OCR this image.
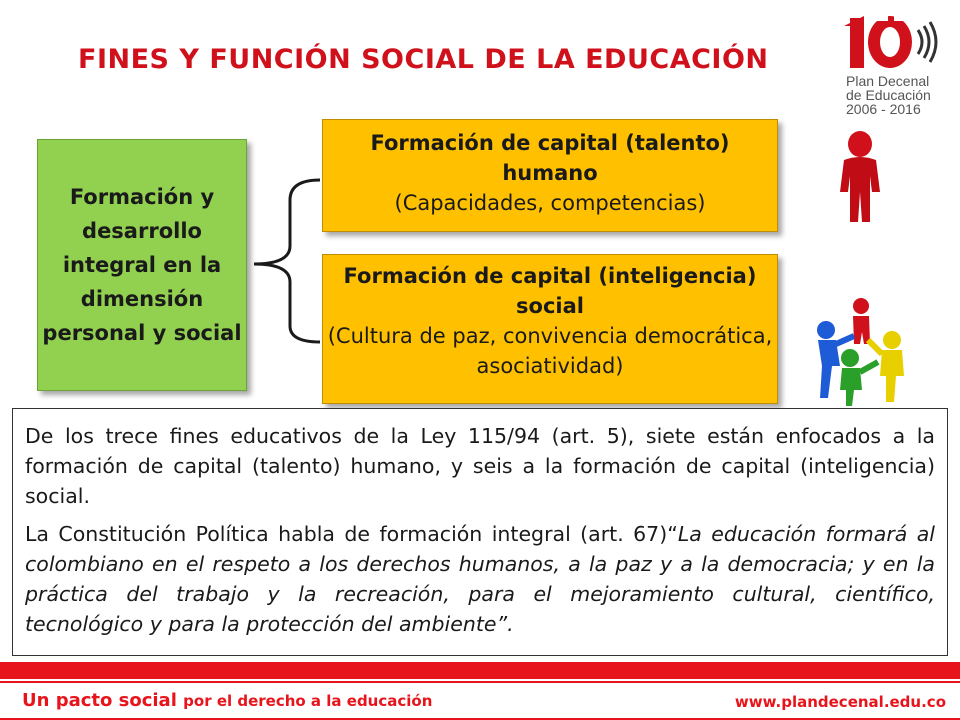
FINES Y FUNCIÓN SOCIAL DE LA EDUCACIÓN
Plan Decenal
de Educación
2006 - 2016
Formación y desarrollo integral en la dimensión personal y social
Formación de capital (talento) humano
(Capacidades, competencias)
Formación de capital (inteligencia) social
(Cultura de paz, convivencia democrática, asociatividad)

De los trece fines educativos de la Ley 115/94 (art. 5), siete están enfocados a la formación de capital (talento) humano, y seis a la formación de capital (inteligencia) social.

La Constitución Política habla de formación integral (art. 67)“La educación formará al colombiano en el respeto a los derechos humanos, a la paz y a la democracia; y en la práctica del trabajo y la recreación, para el mejoramiento cultural, científico, tecnológico y para la protección del ambiente”.

Un pacto social por el derecho a la educación	www.plandecenal.edu.co
